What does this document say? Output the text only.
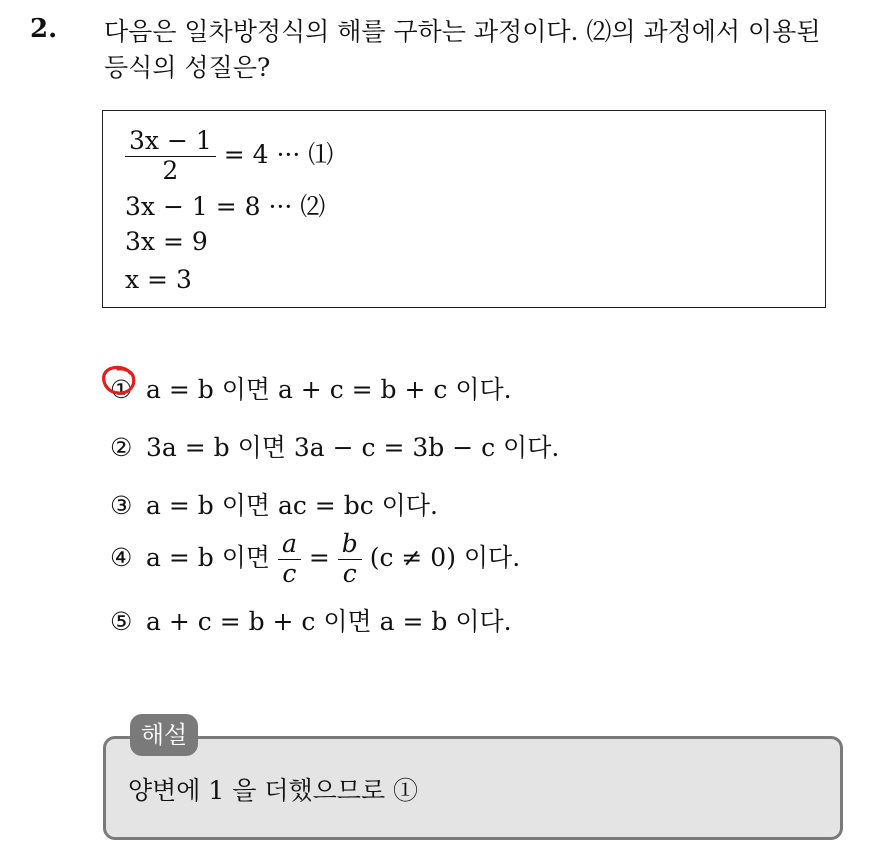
2. 다음은 일차방정식의 해를 구하는 과정이다. ⑵의 과정에서 이용된
등식의 성질은?
$\frac{3x - 1}{2} = 4$ ··· ⑴
3x − 1 = 8 ··· ⑵
3x = 9
x = 3
① a = b 이면 a + c = b + c 이다.
② 3a = b 이면 3a − c = 3b − c 이다.
③ a = b 이면 ac = bc 이다.
④ a = b 이면 $\frac{a}{c} = \frac{b}{c} (c \ne 0)$ 이다.
⑤ a + c = b + c 이면 a = b 이다.
해설
양변에 1 을 더했으므로 ①
